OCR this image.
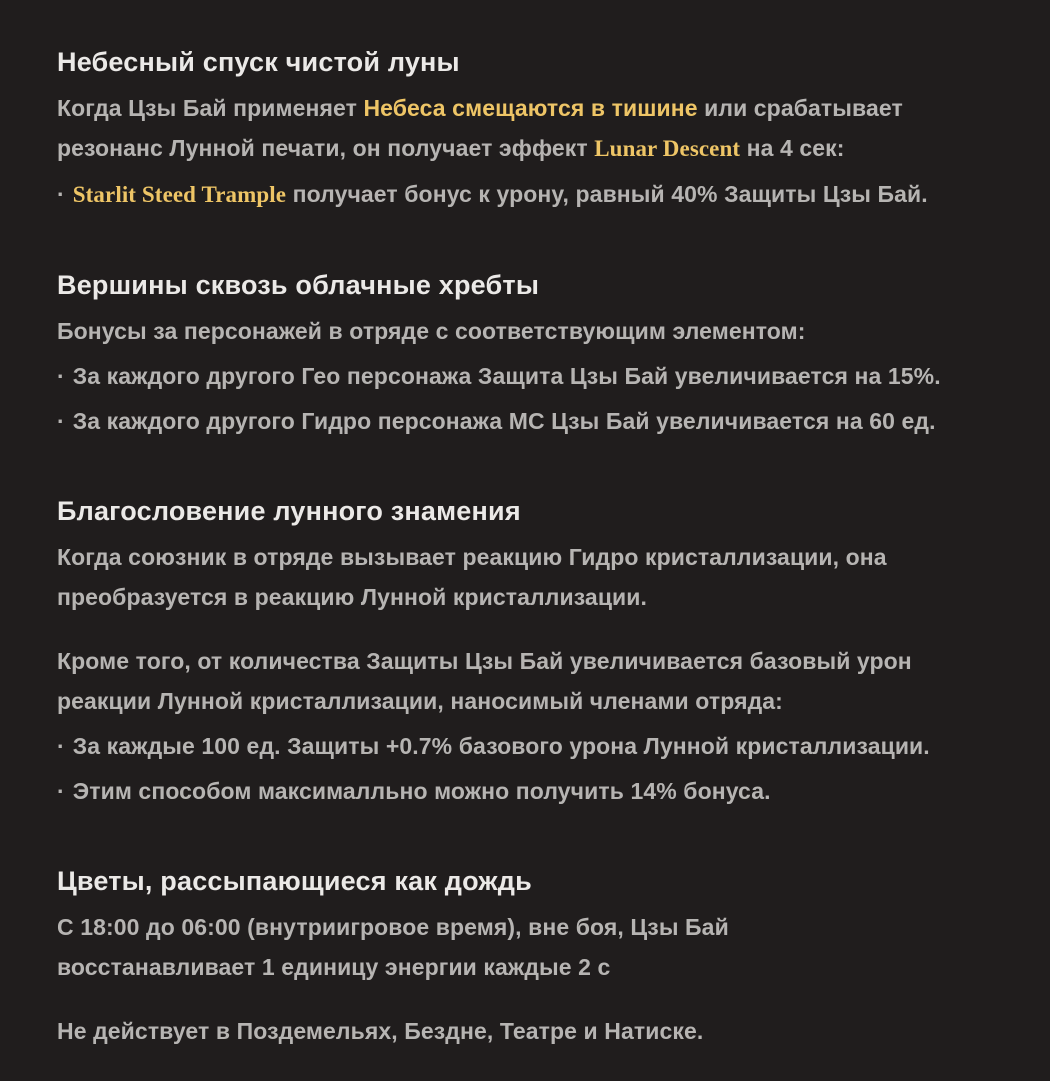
Небесный спуск чистой луны
Когда Цзы Бай применяет Небеса смещаются в тишине или срабатывает
резонанс Лунной печати, он получает эффект Lunar Descent на 4 сек:
· Starlit Steed Trample получает бонус к урону, равный 40% Защиты Цзы Бай.
Вершины сквозь облачные хребты
Бонусы за персонажей в отряде с соответствующим элементом:
· За каждого другого Гео персонажа Защита Цзы Бай увеличивается на 15%.
· За каждого другого Гидро персонажа МС Цзы Бай увеличивается на 60 ед.
Благословение лунного знамения
Когда союзник в отряде вызывает реакцию Гидро кристаллизации, она
преобразуется в реакцию Лунной кристаллизации.
Кроме того, от количества Защиты Цзы Бай увеличивается базовый урон
реакции Лунной кристаллизации, наносимый членами отряда:
· За каждые 100 ед. Защиты +0.7% базового урона Лунной кристаллизации.
· Этим способом максималльно можно получить 14% бонуса.
Цветы, рассыпающиеся как дождь
С 18:00 до 06:00 (внутриигровое время), вне боя, Цзы Бай
восстанавливает 1 единицу энергии каждые 2 с
Не действует в Поздемельях, Бездне, Театре и Натиске.
